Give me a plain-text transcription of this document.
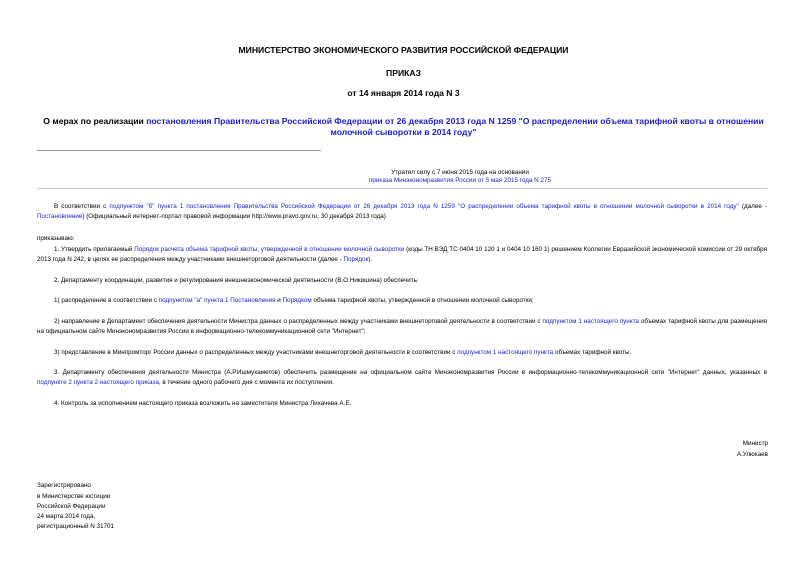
МИНИСТЕРСТВО ЭКОНОМИЧЕСКОГО РАЗВИТИЯ РОССИЙСКОЙ ФЕДЕРАЦИИ
ПРИКАЗ
от 14 января 2014 года N 3
О мерах по реализации постановления Правительства Российской Федерации от 26 декабря 2013 года N 1259 "О распределении объема тарифной квоты в отношении молочной сыворотки в 2014 году"
Утратил силу с 7 июня 2015 года на основании
приказа Минэкономразвития России от 5 мая 2015 года N 275
В соответствии с подпунктом "б" пункта 1 постановления Правительства Российской Федерации от 26 декабря 2013 года N 1259 "О распределении объема тарифной квоты в отношении молочной сыворотки в 2014 году" (далее - Постановление) (Официальный интернет-портал правовой информации http://www.pravo.gov.ru, 30 декабря 2013 года)
приказываю:
1. Утвердить прилагаемый Порядок расчета объема тарифной квоты, утвержденной в отношении молочной сыворотки (коды ТН ВЭД ТС 0404 10 120 1 и 0404 10 160 1) решением Коллегии Евразийской экономической комиссии от 29 октября 2013 года N 242, в целях ее распределения между участниками внешнеторговой деятельности (далее - Порядок).
2. Департаменту координации, развития и регулирования внешнеэкономической деятельности (В.О.Никишина) обеспечить:
1) распределение в соответствии с подпунктом "а" пункта 1 Постановления и Порядком объема тарифной квоты, утвержденной в отношении молочной сыворотки;
2) направление в Департамент обеспечения деятельности Министра данных о распределенных между участниками внешнеторговой деятельности в соответствии с подпунктом 1 настоящего пункта объемах тарифной квоты для размещения на официальном сайте Минэкономразвития России в информационно-телекоммуникационной сети "Интернет";
3) представление в Минпромторг России данных о распределенных между участниками внешнеторговой деятельности в соответствии с подпунктом 1 настоящего пункта объемах тарифной квоты.
3. Департаменту обеспечения деятельности Министра (А.Р.Ишмухаметов) обеспечить размещение на официальном сайте Минэкономразвития России в информационно-телекоммуникационной сети "Интернет" данных, указанных в подпункте 2 пункта 2 настоящего приказа, в течение одного рабочего дня с момента их поступления.
4. Контроль за исполнением настоящего приказа возложить на заместителя Министра Лихачева А.Е.
Министр
А.Улюкаев
Зарегистрировано
в Министерстве юстиции
Российской Федерации
24 марта 2014 года,
регистрационный N 31701
